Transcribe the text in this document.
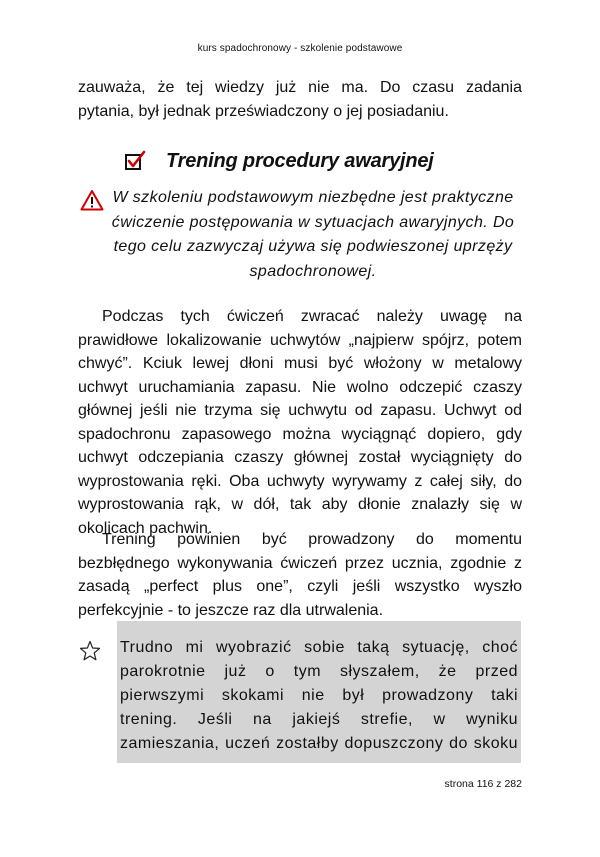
kurs spadochronowy - szkolenie podstawowe
zauważa, że tej wiedzy już nie ma. Do czasu zadania
pytania, był jednak przeświadczony o jej posiadaniu.
Trening procedury awaryjnej
W szkoleniu podstawowym niezbędne jest praktyczne
ćwiczenie postępowania w sytuacjach awaryjnych. Do
tego celu zazwyczaj używa się podwieszonej uprzęży
spadochronowej.
Podczas tych ćwiczeń zwracać należy uwagę na
prawidłowe lokalizowanie uchwytów „najpierw spójrz, potem
chwyć”. Kciuk lewej dłoni musi być włożony w metalowy
uchwyt uruchamiania zapasu. Nie wolno odczepić czaszy
głównej jeśli nie trzyma się uchwytu od zapasu. Uchwyt od
spadochronu zapasowego można wyciągnąć dopiero, gdy
uchwyt odczepiania czaszy głównej został wyciągnięty do
wyprostowania ręki. Oba uchwyty wyrywamy z całej siły, do
wyprostowania rąk, w dół, tak aby dłonie znalazły się w
okolicach pachwin.
Trening powinien być prowadzony do momentu
bezbłędnego wykonywania ćwiczeń przez ucznia, zgodnie z
zasadą „perfect plus one”, czyli jeśli wszystko wyszło
perfekcyjnie - to jeszcze raz dla utrwalenia.
Trudno mi wyobrazić sobie taką sytuację, choć
parokrotnie już o tym słyszałem, że przed
pierwszymi skokami nie był prowadzony taki
trening. Jeśli na jakiejś strefie, w wyniku
zamieszania, uczeń zostałby dopuszczony do skoku
strona 116 z 282
